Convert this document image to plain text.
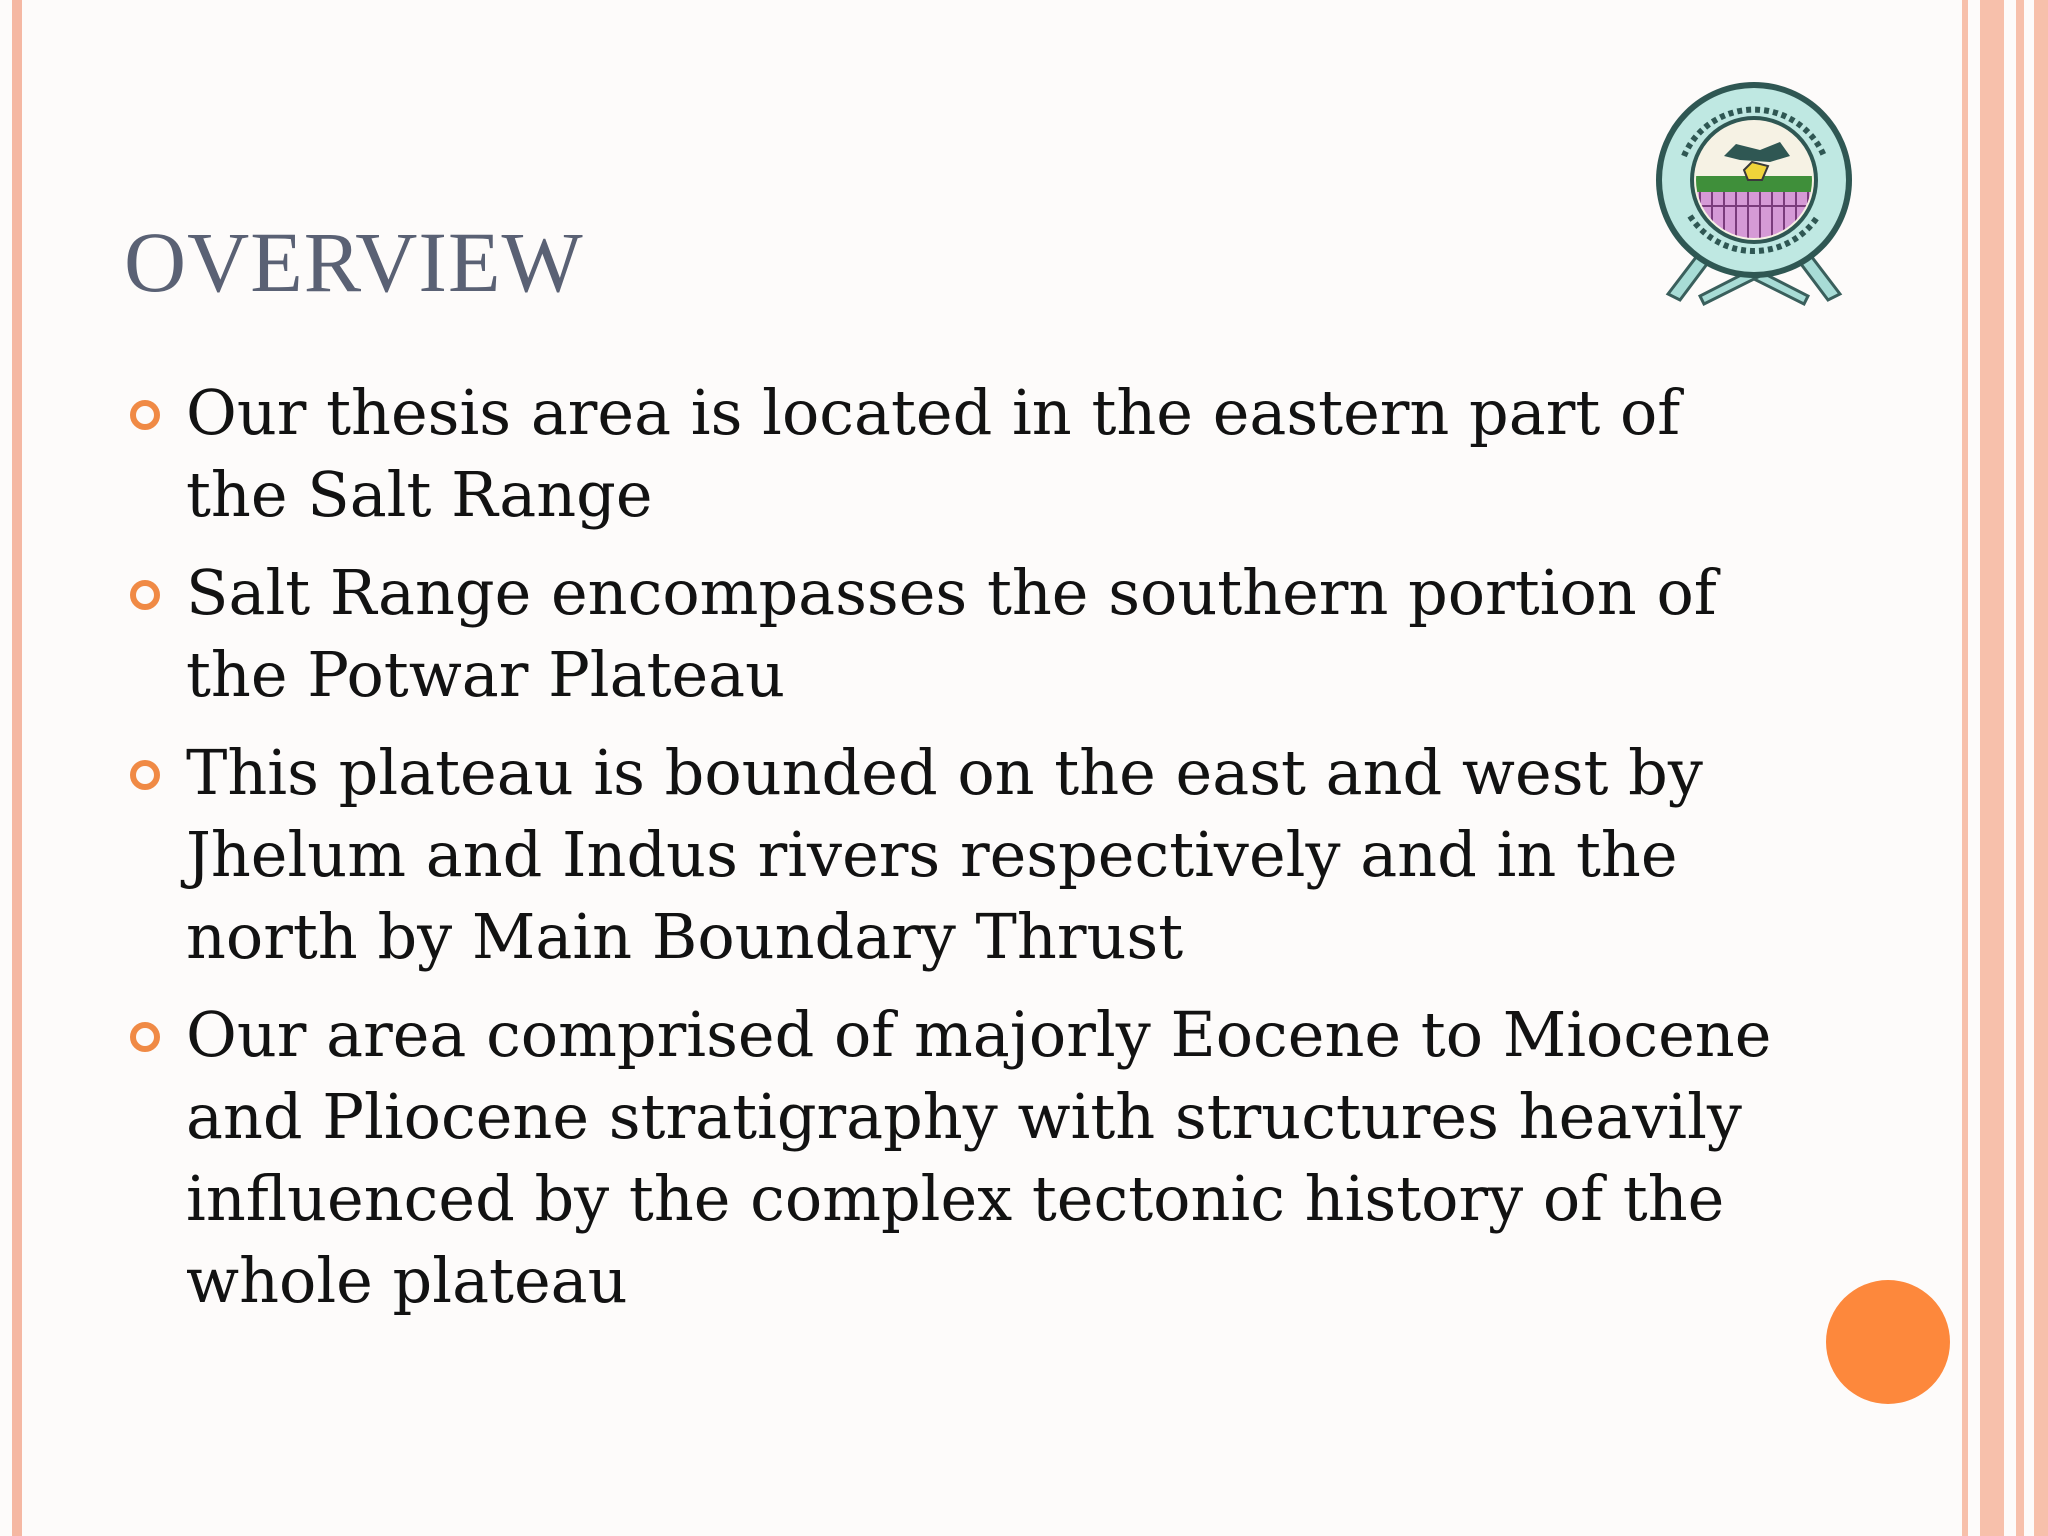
OVERVIEW
Our thesis area is located in the eastern part of the Salt Range
Salt Range encompasses the southern portion of the Potwar Plateau
This plateau is bounded on the east and west by Jhelum and Indus rivers respectively and in the north by Main Boundary Thrust
Our area comprised of majorly Eocene to Miocene and Pliocene stratigraphy with structures heavily influenced by the complex tectonic history of the whole plateau
